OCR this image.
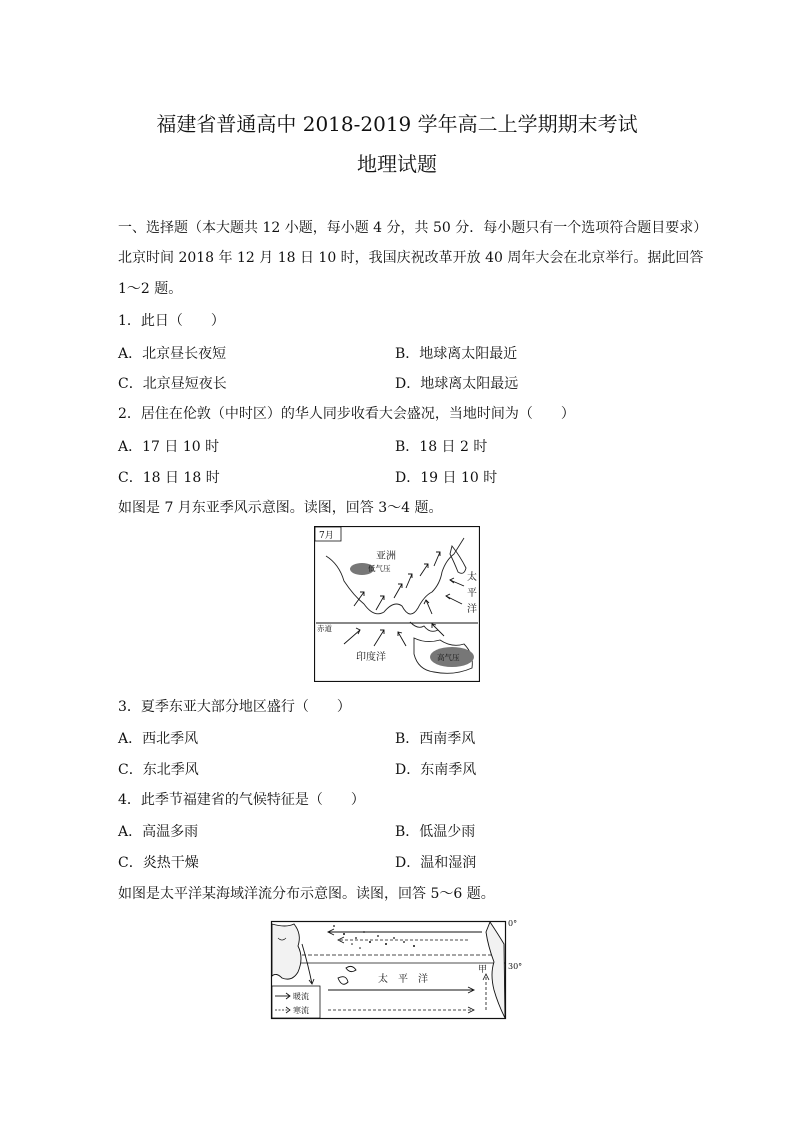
福建省普通高中 2018-2019 学年高二上学期期末考试
地理试题
一、选择题（本大题共 12 小题，每小题 4 分，共 50 分．每小题只有一个选项符合题目要求）
北京时间 2018 年 12 月 18 日 10 时，我国庆祝改革开放 40 周年大会在北京举行。据此回答
1～2 题。
1．此日（　　）
A．北京昼长夜短	B．地球离太阳最近
C．北京昼短夜长	D．地球离太阳最远
2．居住在伦敦（中时区）的华人同步收看大会盛况，当地时间为（　　）
A．17 日 10 时	B．18 日 2 时
C．18 日 18 时	D．19 日 10 时
如图是 7 月东亚季风示意图。读图，回答 3～4 题。
7月
低气压
高气压
亚洲
太
平
洋
赤道
印度洋
3．夏季东亚大部分地区盛行（　　）
A．西北季风	B．西南季风
C．东北季风	D．东南季风
4．此季节福建省的气候特征是（　　）
A．高温多雨	B．低温少雨
C．炎热干燥	D．温和湿润
如图是太平洋某海域洋流分布示意图。读图，回答 5～6 题。
0°
30°
太　平　洋
甲
暖流
寒流
